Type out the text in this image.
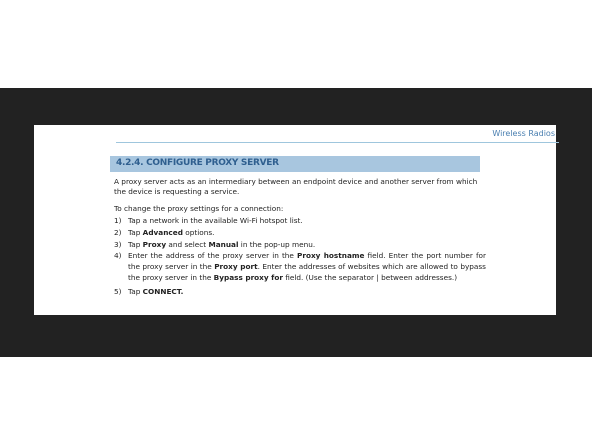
Wireless Radios
4.2.4. CONFIGURE PROXY SERVER
A proxy server acts as an intermediary between an endpoint device and another server from which the device is requesting a service.
To change the proxy settings for a connection:
1) Tap a network in the available Wi-Fi hotspot list.
2) Tap Advanced options.
3) Tap Proxy and select Manual in the pop-up menu.
4) Enter the address of the proxy server in the Proxy hostname field. Enter the port number for the proxy server in the Proxy port. Enter the addresses of websites which are allowed to bypass the proxy server in the Bypass proxy for field. (Use the separator | between addresses.)
5) Tap CONNECT.
